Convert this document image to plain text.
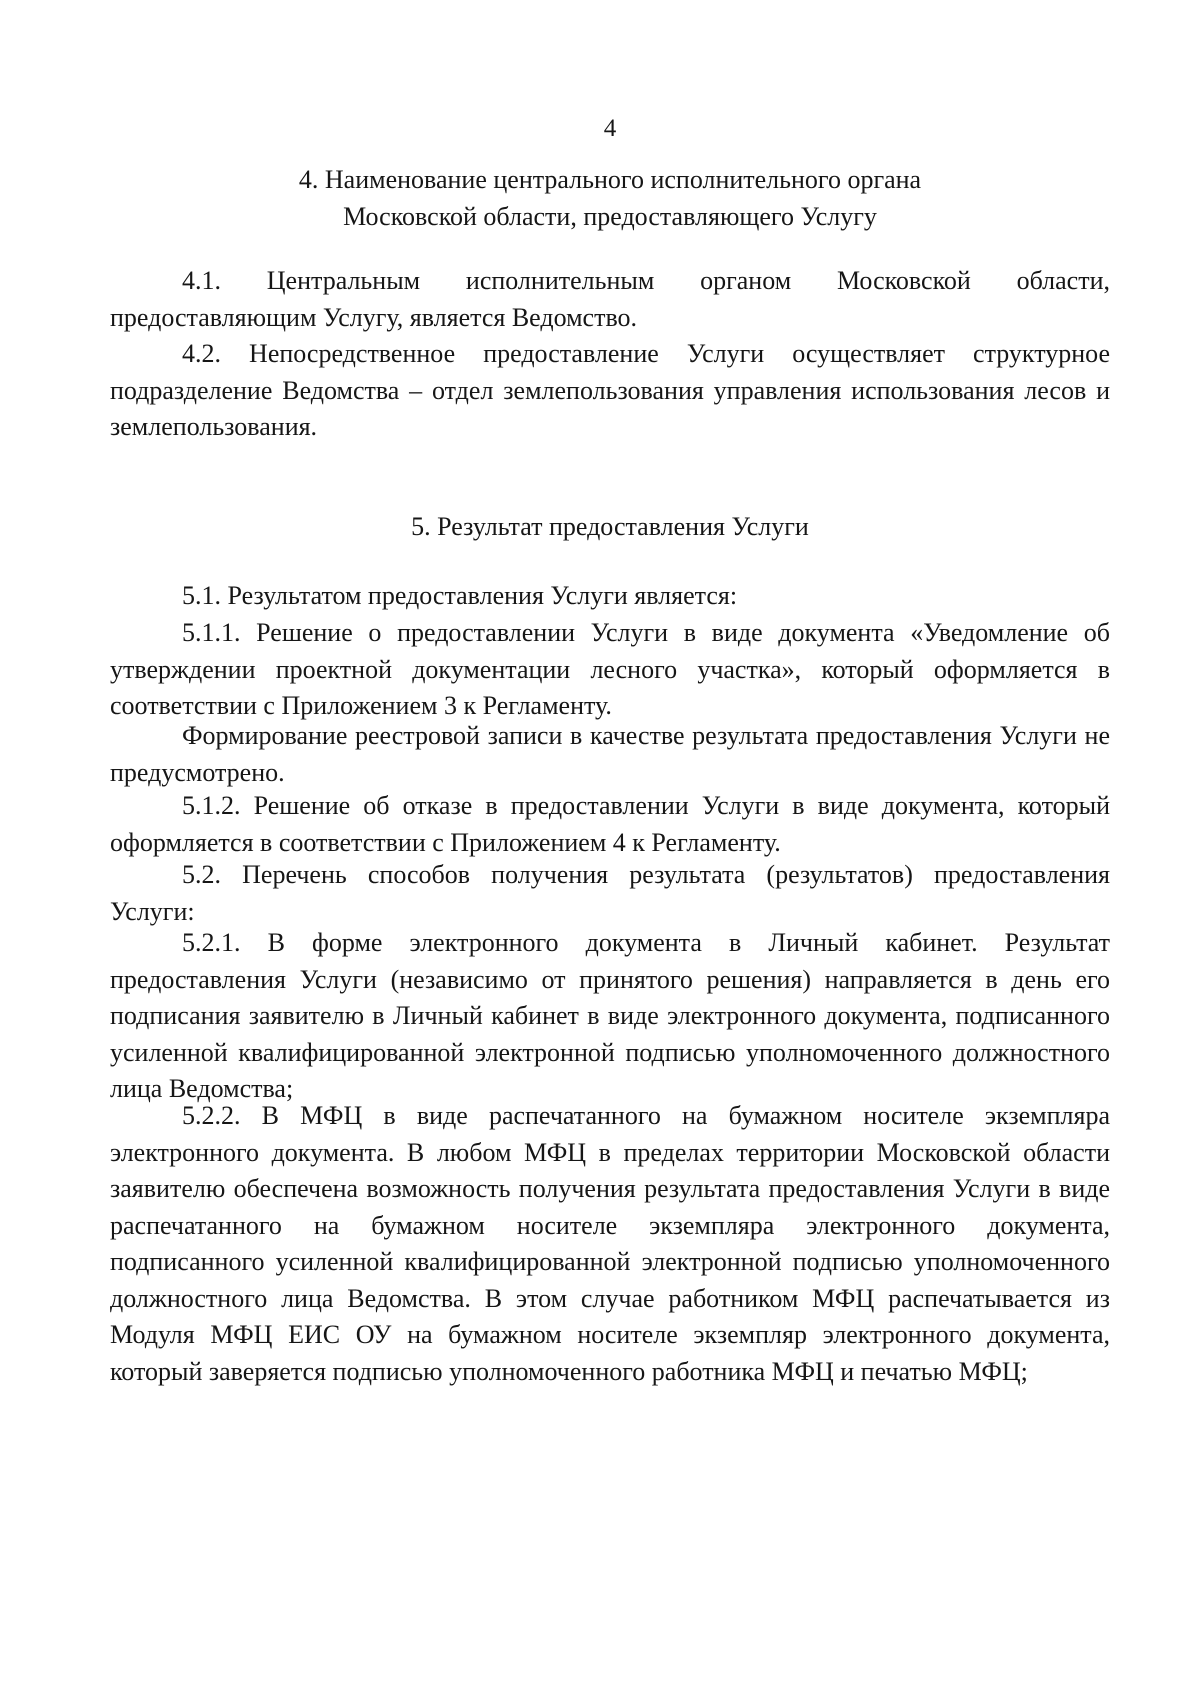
4
4. Наименование центрального исполнительного органа
Московской области, предоставляющего Услугу

4.1. Центральным исполнительным органом Московской области, предоставляющим Услугу, является Ведомство.

4.2. Непосредственное предоставление Услуги осуществляет структурное подразделение Ведомства – отдел землепользования управления использования лесов и землепользования.

5. Результат предоставления Услуги

5.1. Результатом предоставления Услуги является:

5.1.1. Решение о предоставлении Услуги в виде документа «Уведомление об утверждении проектной документации лесного участка», который оформляется в соответствии с Приложением 3 к Регламенту.

Формирование реестровой записи в качестве результата предоставления Услуги не предусмотрено.

5.1.2. Решение об отказе в предоставлении Услуги в виде документа, который оформляется в соответствии с Приложением 4 к Регламенту.

5.2. Перечень способов получения результата (результатов) предоставления Услуги:

5.2.1. В форме электронного документа в Личный кабинет. Результат предоставления Услуги (независимо от принятого решения) направляется в день его подписания заявителю в Личный кабинет в виде электронного документа, подписанного усиленной квалифицированной электронной подписью уполномоченного должностного лица Ведомства;

5.2.2. В МФЦ в виде распечатанного на бумажном носителе экземпляра электронного документа. В любом МФЦ в пределах территории Московской области заявителю обеспечена возможность получения результата предоставления Услуги в виде распечатанного на бумажном носителе экземпляра электронного документа, подписанного усиленной квалифицированной электронной подписью уполномоченного должностного лица Ведомства. В этом случае работником МФЦ распечатывается из Модуля МФЦ ЕИС ОУ на бумажном носителе экземпляр электронного документа, который заверяется подписью уполномоченного работника МФЦ и печатью МФЦ;
